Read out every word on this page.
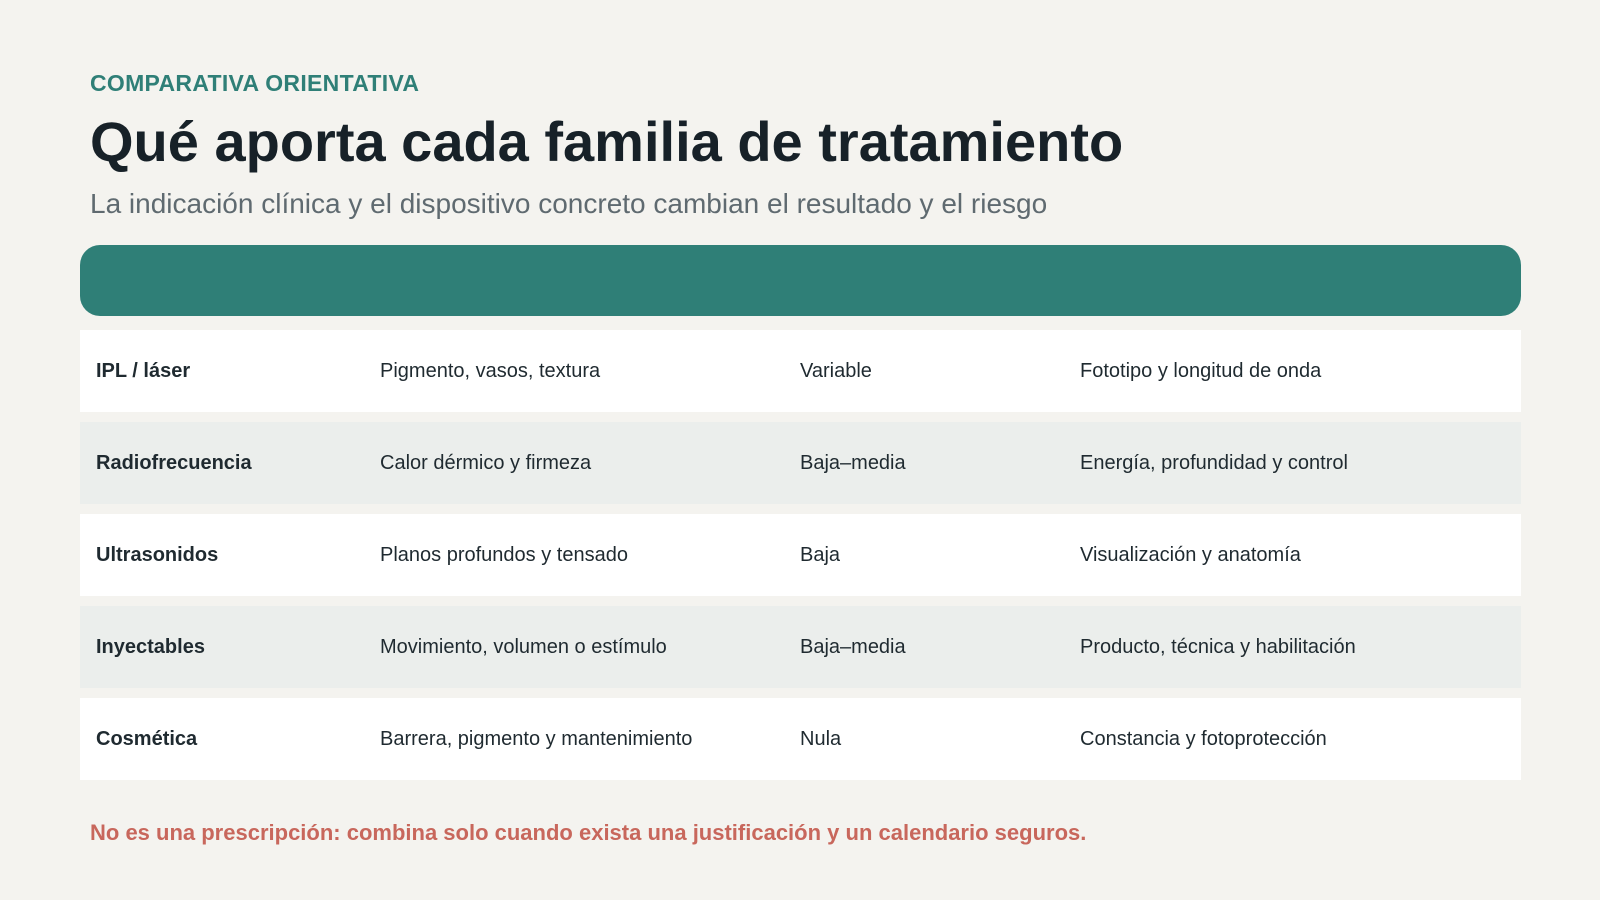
COMPARATIVA ORIENTATIVA
Qué aporta cada familia de tratamiento
La indicación clínica y el dispositivo concreto cambian el resultado y el riesgo
IPL / láser	Pigmento, vasos, textura	Variable	Fototipo y longitud de onda
Radiofrecuencia	Calor dérmico y firmeza	Baja–media	Energía, profundidad y control
Ultrasonidos	Planos profundos y tensado	Baja	Visualización y anatomía
Inyectables	Movimiento, volumen o estímulo	Baja–media	Producto, técnica y habilitación
Cosmética	Barrera, pigmento y mantenimiento	Nula	Constancia y fotoprotección
No es una prescripción: combina solo cuando exista una justificación y un calendario seguros.
